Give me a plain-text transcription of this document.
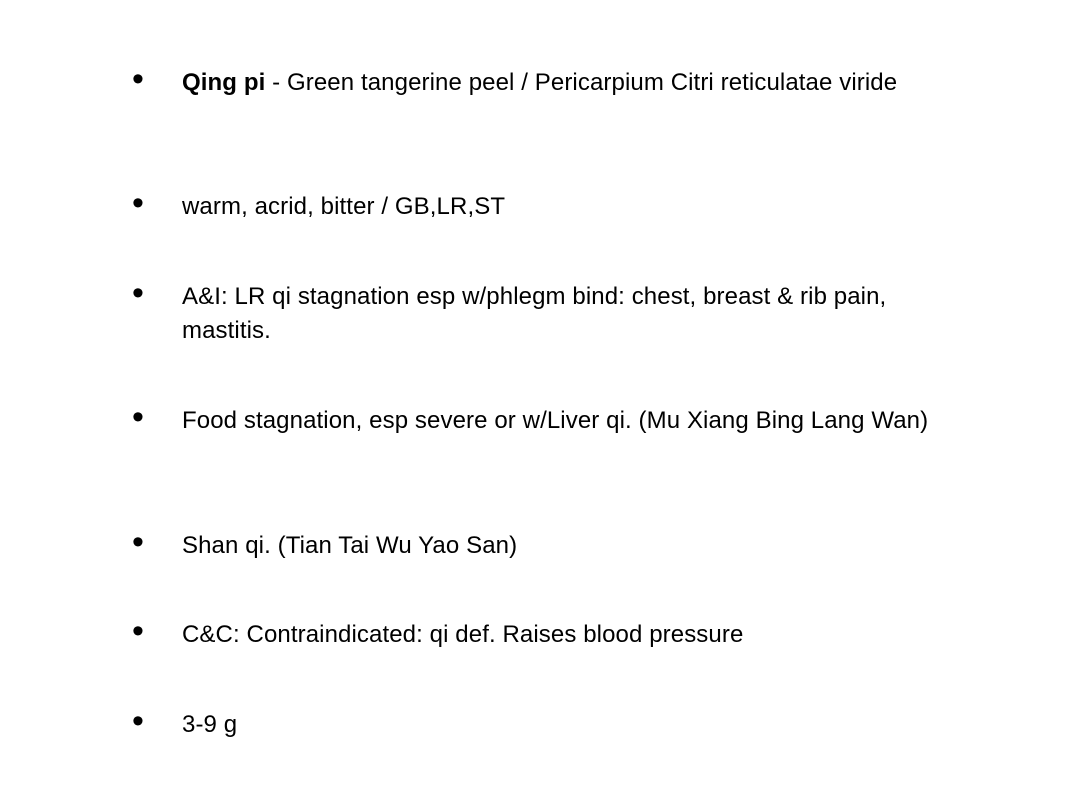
• Qing pi - Green tangerine peel / Pericarpium Citri reticulatae viride
• warm, acrid, bitter / GB,LR,ST
• A&I: LR qi stagnation esp w/phlegm bind: chest, breast & rib pain, mastitis.
• Food stagnation, esp severe or w/Liver qi. (Mu Xiang Bing Lang Wan)
• Shan qi. (Tian Tai Wu Yao San)
• C&C: Contraindicated: qi def. Raises blood pressure
• 3-9 g
